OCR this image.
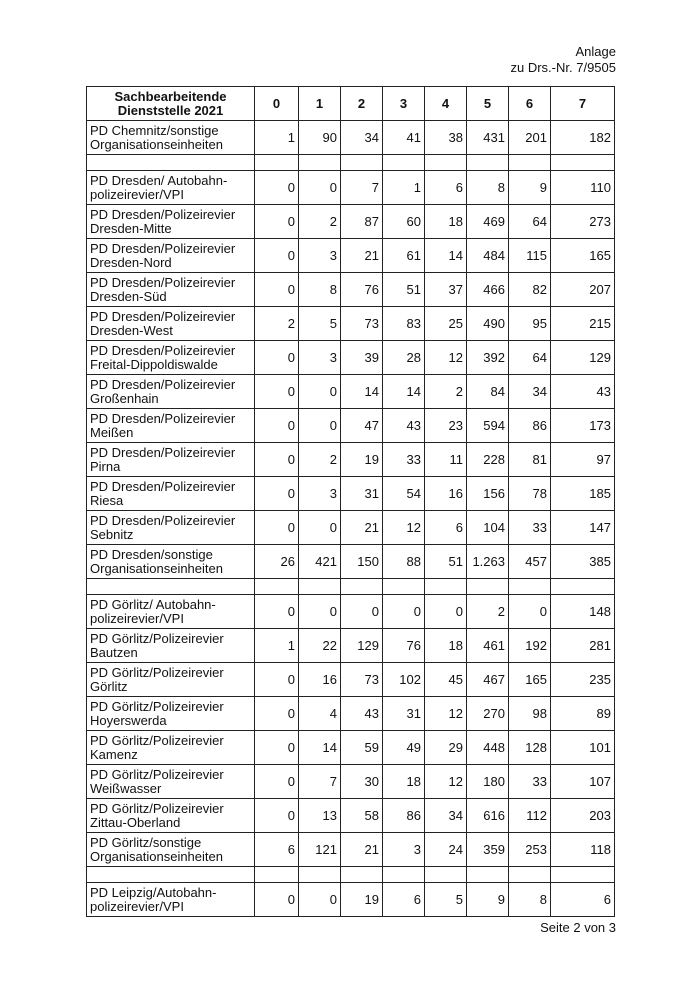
Anlage
zu Drs.-Nr. 7/9505
Sachbearbeitende
Dienststelle 2021	0	1	2	3	4	5	6	7
PD Chemnitz/sonstige
Organisationseinheiten	1	90	34	41	38	431	201	182

PD Dresden/ Autobahn-
polizeirevier/VPI	0	0	7	1	6	8	9	110
PD Dresden/Polizeirevier
Dresden-Mitte	0	2	87	60	18	469	64	273
PD Dresden/Polizeirevier
Dresden-Nord	0	3	21	61	14	484	115	165
PD Dresden/Polizeirevier
Dresden-Süd	0	8	76	51	37	466	82	207
PD Dresden/Polizeirevier
Dresden-West	2	5	73	83	25	490	95	215
PD Dresden/Polizeirevier
Freital-Dippoldiswalde	0	3	39	28	12	392	64	129
PD Dresden/Polizeirevier
Großenhain	0	0	14	14	2	84	34	43
PD Dresden/Polizeirevier
Meißen	0	0	47	43	23	594	86	173
PD Dresden/Polizeirevier
Pirna	0	2	19	33	11	228	81	97
PD Dresden/Polizeirevier
Riesa	0	3	31	54	16	156	78	185
PD Dresden/Polizeirevier
Sebnitz	0	0	21	12	6	104	33	147
PD Dresden/sonstige
Organisationseinheiten	26	421	150	88	51	1.263	457	385

PD Görlitz/ Autobahn-
polizeirevier/VPI	0	0	0	0	0	2	0	148
PD Görlitz/Polizeirevier
Bautzen	1	22	129	76	18	461	192	281
PD Görlitz/Polizeirevier
Görlitz	0	16	73	102	45	467	165	235
PD Görlitz/Polizeirevier
Hoyerswerda	0	4	43	31	12	270	98	89
PD Görlitz/Polizeirevier
Kamenz	0	14	59	49	29	448	128	101
PD Görlitz/Polizeirevier
Weißwasser	0	7	30	18	12	180	33	107
PD Görlitz/Polizeirevier
Zittau-Oberland	0	13	58	86	34	616	112	203
PD Görlitz/sonstige
Organisationseinheiten	6	121	21	3	24	359	253	118

PD Leipzig/Autobahn-
polizeirevier/VPI	0	0	19	6	5	9	8	6
Seite 2 von 3
